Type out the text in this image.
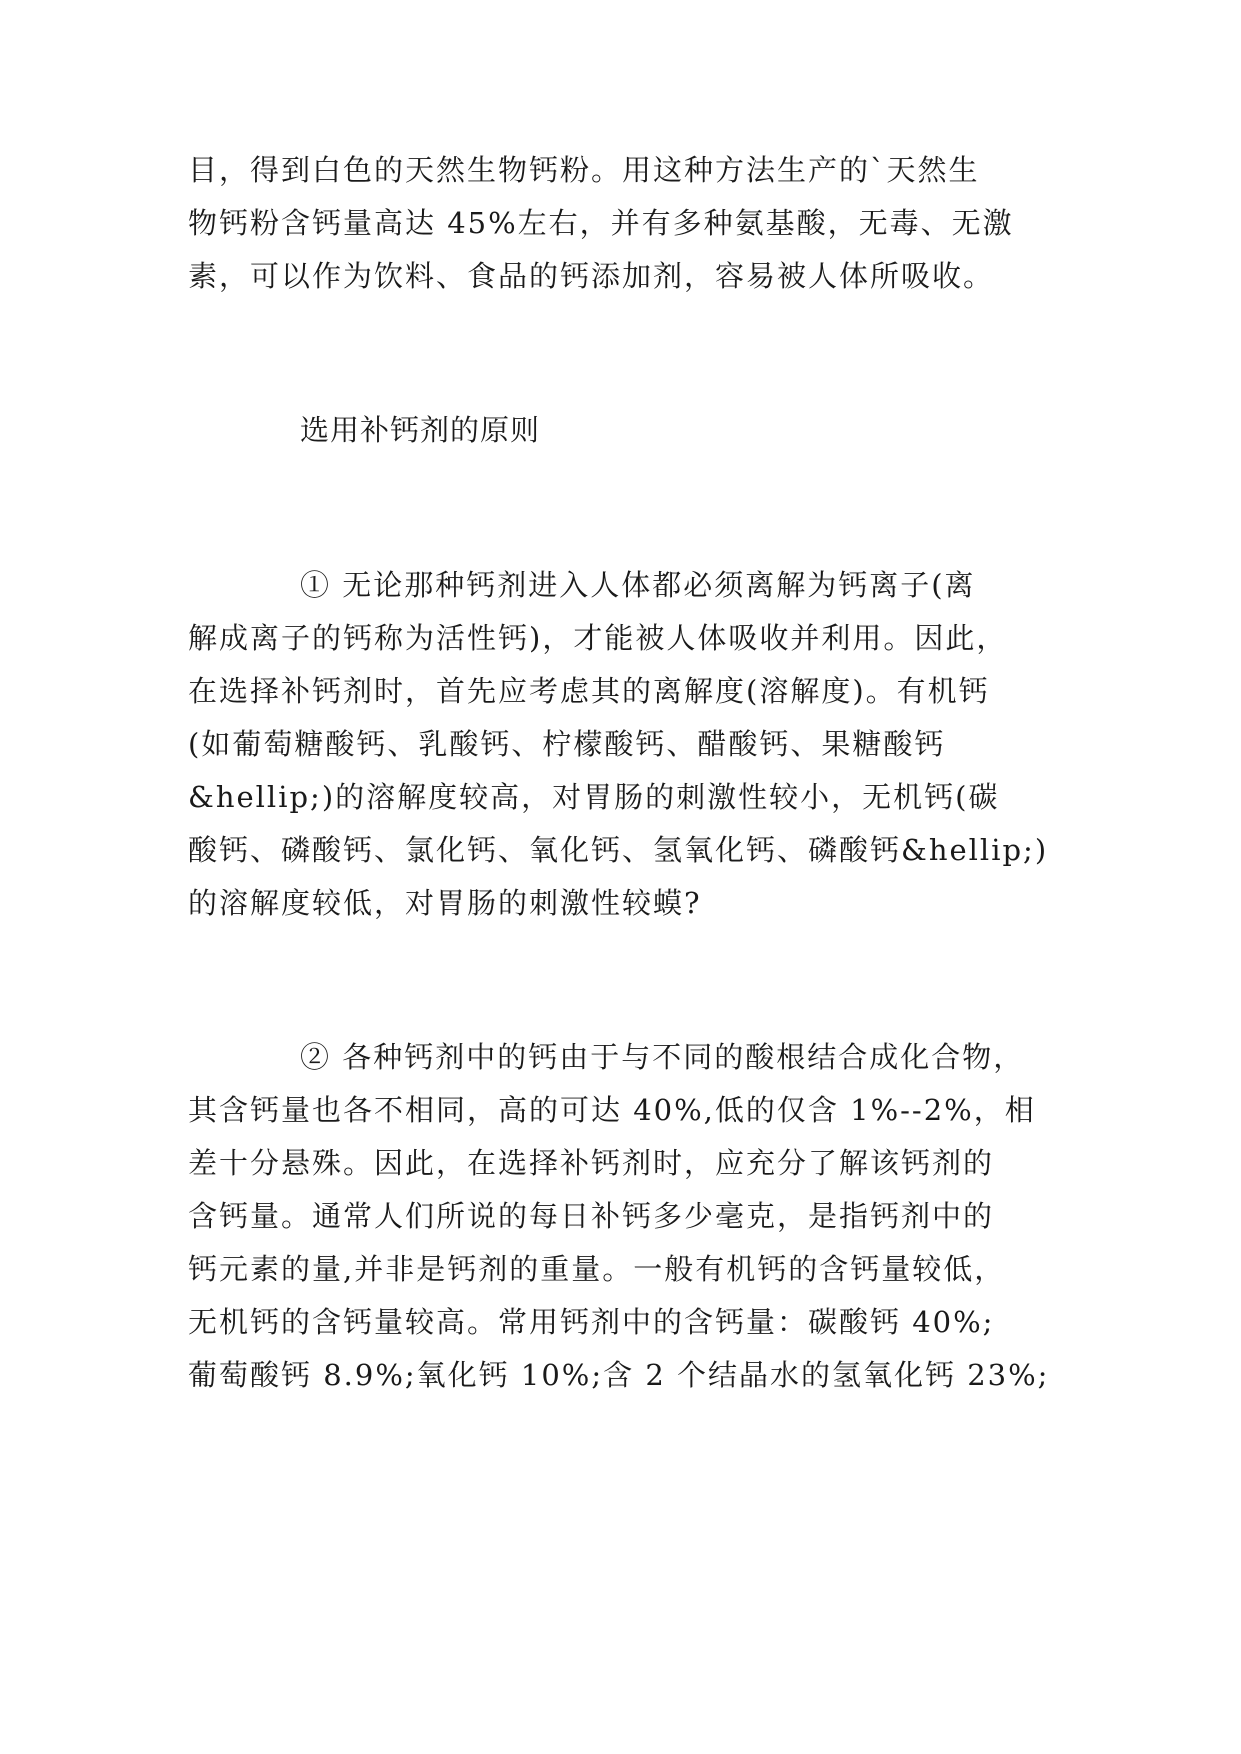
目，得到白色的天然生物钙粉。用这种方法生产的`天然生
物钙粉含钙量高达 45%左右，并有多种氨基酸，无毒、无激
素，可以作为饮料、食品的钙添加剂，容易被人体所吸收。
选用补钙剂的原则
① 无论那种钙剂进入人体都必须离解为钙离子(离
解成离子的钙称为活性钙)，才能被人体吸收并利用。因此，
在选择补钙剂时，首先应考虑其的离解度(溶解度)。有机钙
(如葡萄糖酸钙、乳酸钙、柠檬酸钙、醋酸钙、果糖酸钙
&hellip;)的溶解度较高，对胃肠的刺激性较小，无机钙(碳
酸钙、磷酸钙、氯化钙、氧化钙、氢氧化钙、磷酸钙&hellip;)
的溶解度较低，对胃肠的刺激性较蟆?
② 各种钙剂中的钙由于与不同的酸根结合成化合物，
其含钙量也各不相同，高的可达 40%,低的仅含 1%--2%，相
差十分悬殊。因此，在选择补钙剂时，应充分了解该钙剂的
含钙量。通常人们所说的每日补钙多少毫克，是指钙剂中的
钙元素的量,并非是钙剂的重量。一般有机钙的含钙量较低，
无机钙的含钙量较高。常用钙剂中的含钙量：碳酸钙 40%;
葡萄酸钙 8.9%;氧化钙 10%;含 2 个结晶水的氢氧化钙 23%;
